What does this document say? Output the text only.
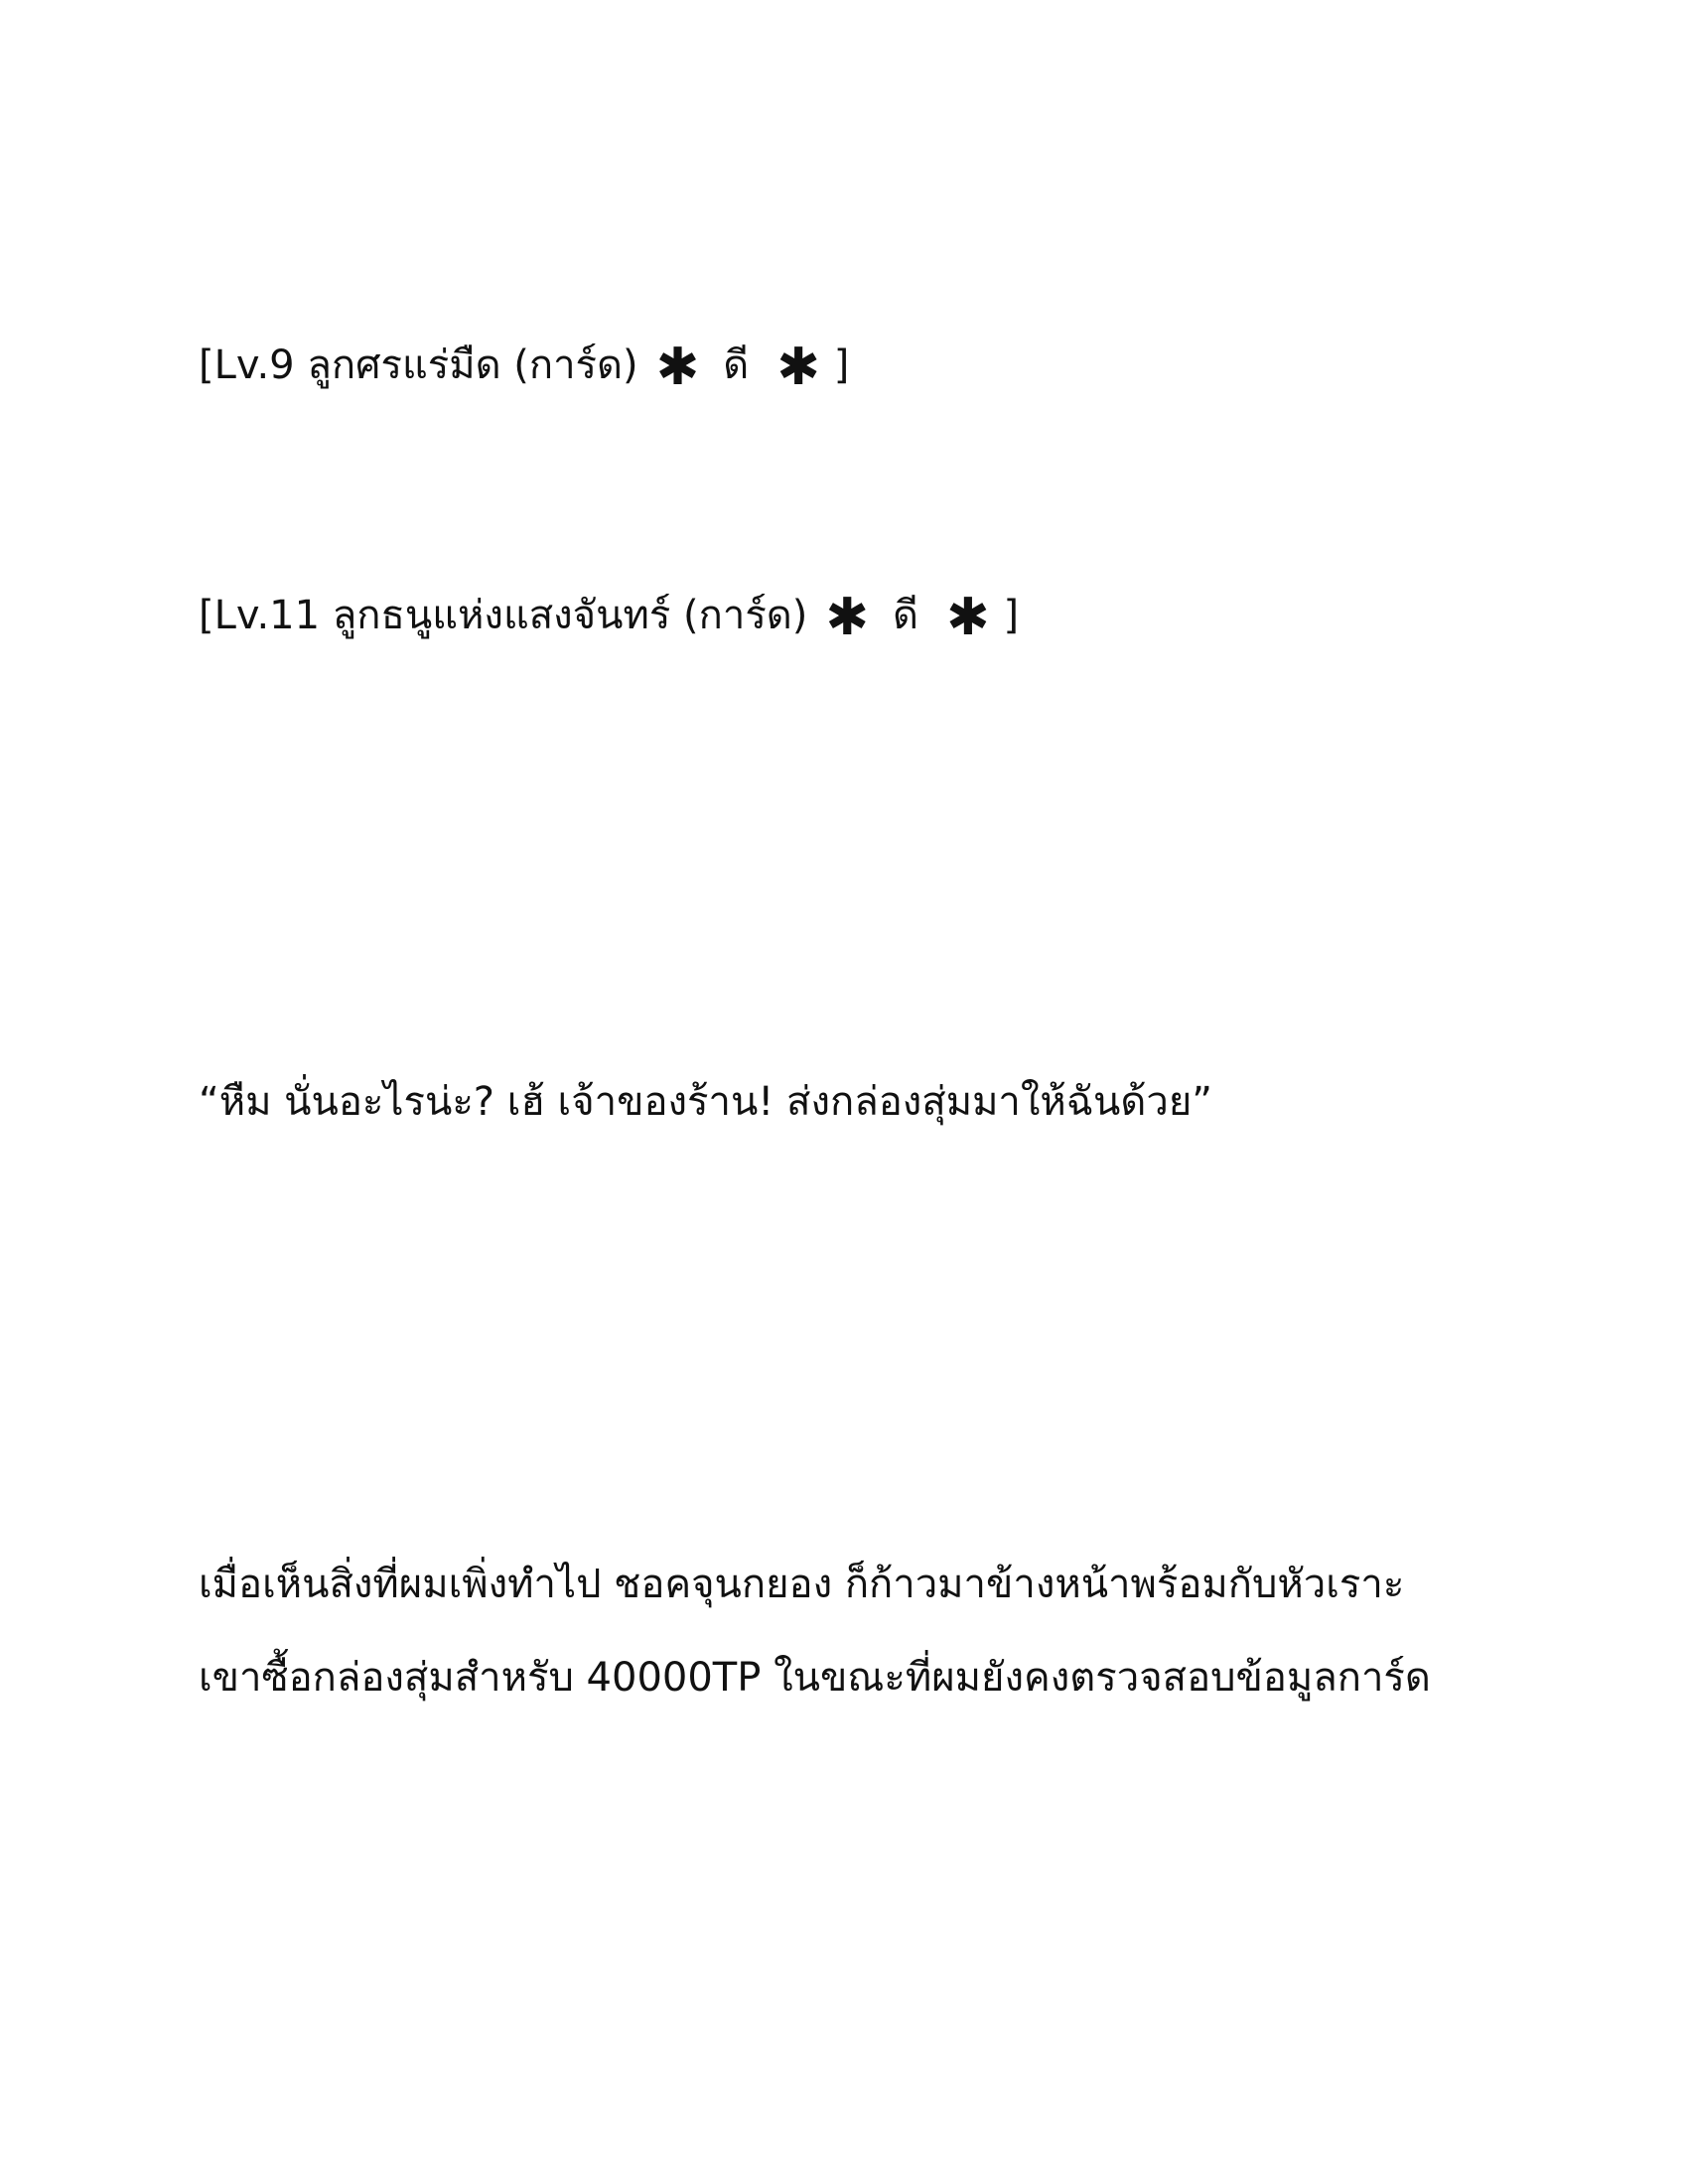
[Lv.9 ลูกศรแร่มืด (การ์ด) ✱ ดี ✱ ]
[Lv.11 ลูกธนูแห่งแสงจันทร์ (การ์ด) ✱ ดี ✱ ]
“หืม นั่นอะไรน่ะ? เฮ้ เจ้าของร้าน! ส่งกล่องสุ่มมาให้ฉันด้วย”
เมื่อเห็นสิ่งที่ผมเพิ่งทำไป ชอคจุนกยอง ก็ก้าวมาข้างหน้าพร้อมกับหัวเราะ
เขาซื้อกล่องสุ่มสำหรับ 40000TP ในขณะที่ผมยังคงตรวจสอบข้อมูลการ์ด
